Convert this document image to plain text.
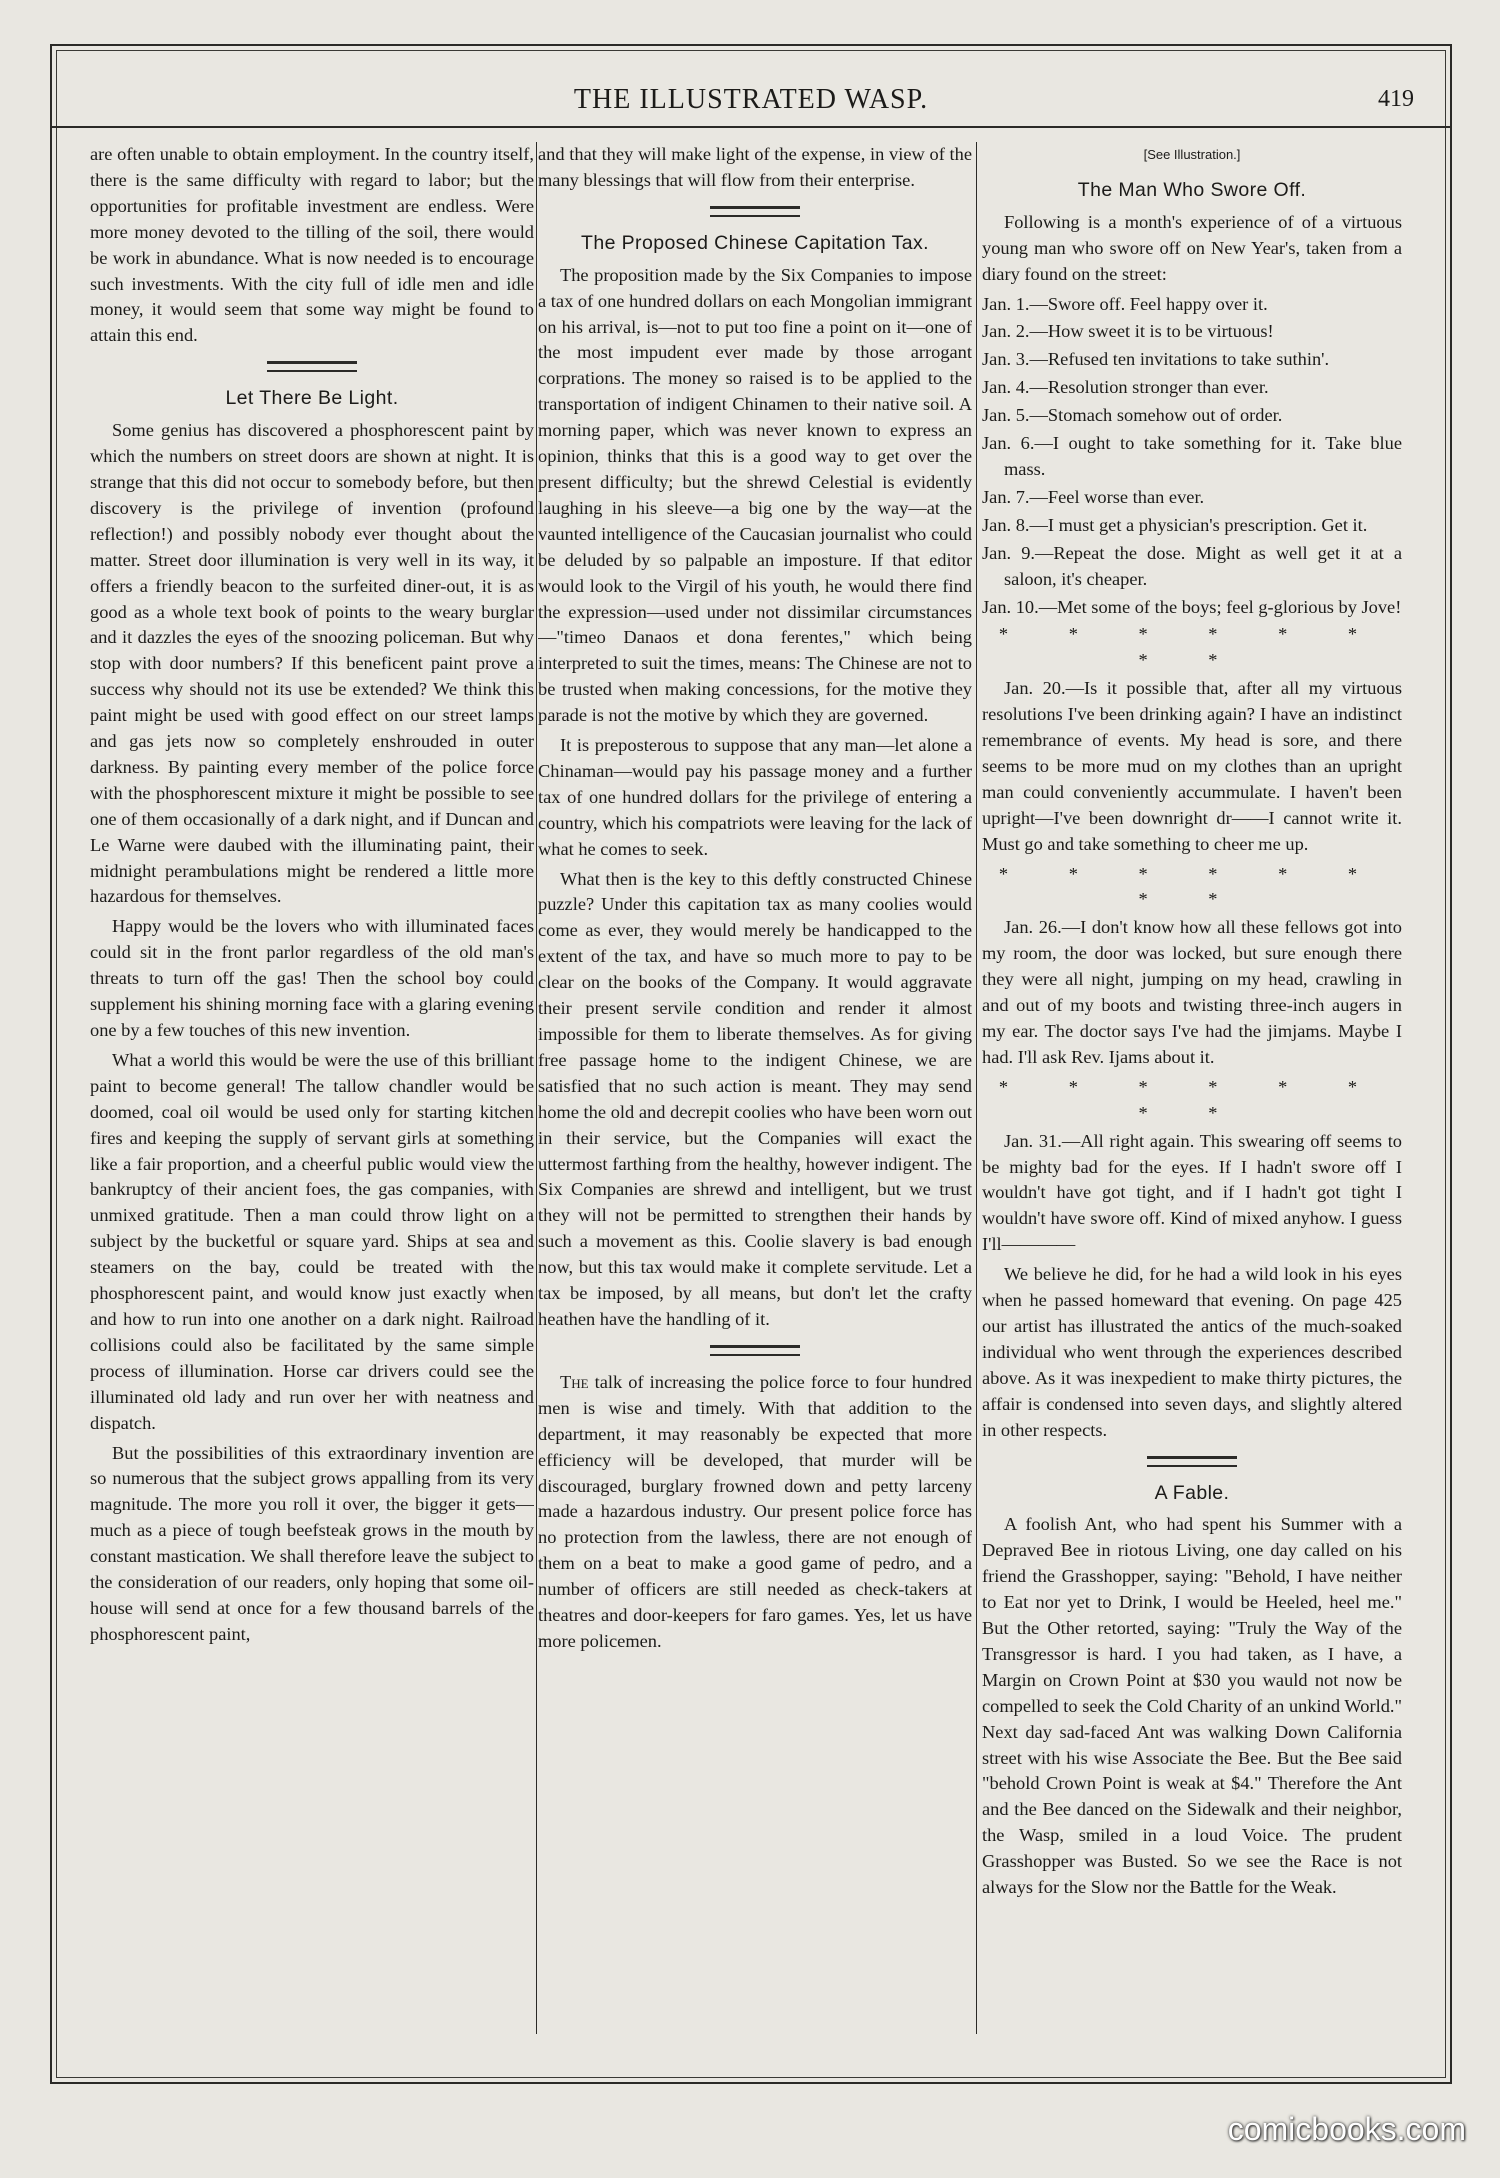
THE ILLUSTRATED WASP.	419

are often unable to obtain employment. In the country itself, there is the same difficulty with regard to labor; but the opportunities for profitable investment are endless. Were more money devoted to the tilling of the soil, there would be work in abundance. What is now needed is to encourage such investments. With the city full of idle men and idle money, it would seem that some way might be found to attain this end.

Let There Be Light.

Some genius has discovered a phosphorescent paint by which the numbers on street doors are shown at night. It is strange that this did not occur to somebody before, but then discovery is the privilege of invention (profound reflection!) and possibly nobody ever thought about the matter. Street door illumination is very well in its way, it offers a friendly beacon to the surfeited diner-out, it is as good as a whole text book of points to the weary burglar and it dazzles the eyes of the snoozing policeman. But why stop with door numbers? If this beneficent paint prove a success why should not its use be extended? We think this paint might be used with good effect on our street lamps and gas jets now so completely enshrouded in outer darkness. By painting every member of the police force with the phosphorescent mixture it might be possible to see one of them occasionally of a dark night, and if Duncan and Le Warne were daubed with the illuminating paint, their midnight perambulations might be rendered a little more hazardous for themselves.

Happy would be the lovers who with illuminated faces could sit in the front parlor regardless of the old man's threats to turn off the gas! Then the school boy could supplement his shining morning face with a glaring evening one by a few touches of this new invention.

What a world this would be were the use of this brilliant paint to become general! The tallow chandler would be doomed, coal oil would be used only for starting kitchen fires and keeping the supply of servant girls at something like a fair proportion, and a cheerful public would view the bankruptcy of their ancient foes, the gas companies, with unmixed gratitude. Then a man could throw light on a subject by the bucketful or square yard. Ships at sea and steamers on the bay, could be treated with the phosphorescent paint, and would know just exactly when and how to run into one another on a dark night. Railroad collisions could also be facilitated by the same simple process of illumination. Horse car drivers could see the illuminated old lady and run over her with neatness and dispatch.

But the possibilities of this extraordinary invention are so numerous that the subject grows appalling from its very magnitude. The more you roll it over, the bigger it gets—much as a piece of tough beefsteak grows in the mouth by constant mastication. We shall therefore leave the subject to the consideration of our readers, only hoping that some oil-house will send at once for a few thousand barrels of the phosphorescent paint,

and that they will make light of the expense, in view of the many blessings that will flow from their enterprise.

The Proposed Chinese Capitation Tax.

The proposition made by the Six Companies to impose a tax of one hundred dollars on each Mongolian immigrant on his arrival, is—not to put too fine a point on it—one of the most impudent ever made by those arrogant corprations. The money so raised is to be applied to the transportation of indigent Chinamen to their native soil. A morning paper, which was never known to express an opinion, thinks that this is a good way to get over the present difficulty; but the shrewd Celestial is evidently laughing in his sleeve—a big one by the way—at the vaunted intelligence of the Caucasian journalist who could be deluded by so palpable an imposture. If that editor would look to the Virgil of his youth, he would there find the expression—used under not dissimilar circumstances—"timeo Danaos et dona ferentes," which being interpreted to suit the times, means: The Chinese are not to be trusted when making concessions, for the motive they parade is not the motive by which they are governed.

It is preposterous to suppose that any man—let alone a Chinaman—would pay his passage money and a further tax of one hundred dollars for the privilege of entering a country, which his compatriots were leaving for the lack of what he comes to seek.

What then is the key to this deftly constructed Chinese puzzle? Under this capitation tax as many coolies would come as ever, they would merely be handicapped to the extent of the tax, and have so much more to pay to be clear on the books of the Company. It would aggravate their present servile condition and render it almost impossible for them to liberate themselves. As for giving free passage home to the indigent Chinese, we are satisfied that no such action is meant. They may send home the old and decrepit coolies who have been worn out in their service, but the Companies will exact the uttermost farthing from the healthy, however indigent. The Six Companies are shrewd and intelligent, but we trust they will not be permitted to strengthen their hands by such a movement as this. Coolie slavery is bad enough now, but this tax would make it complete servitude. Let a tax be imposed, by all means, but don't let the crafty heathen have the handling of it.

The talk of increasing the police force to four hundred men is wise and timely. With that addition to the department, it may reasonably be expected that more efficiency will be developed, that murder will be discouraged, burglary frowned down and petty larceny made a hazardous industry. Our present police force has no protection from the lawless, there are not enough of them on a beat to make a good game of pedro, and a number of officers are still needed as check-takers at theatres and door-keepers for faro games. Yes, let us have more policemen.

[See Illustration.]
The Man Who Swore Off.

Following is a month's experience of of a virtuous young man who swore off on New Year's, taken from a diary found on the street:

Jan. 1.—Swore off. Feel happy over it.

Jan. 2.—How sweet it is to be virtuous!

Jan. 3.—Refused ten invitations to take suthin'.

Jan. 4.—Resolution stronger than ever.

Jan. 5.—Stomach somehow out of order.

Jan. 6.—I ought to take something for it. Take blue mass.

Jan. 7.—Feel worse than ever.

Jan. 8.—I must get a physician's prescription. Get it.

Jan. 9.—Repeat the dose. Might as well get it at a saloon, it's cheaper.

Jan. 10.—Met some of the boys; feel g-glorious by Jove!

* * * * * * * *

Jan. 20.—Is it possible that, after all my virtuous resolutions I've been drinking again? I have an indistinct remembrance of events. My head is sore, and there seems to be more mud on my clothes than an upright man could conveniently accummulate. I haven't been upright—I've been downright dr——I cannot write it. Must go and take something to cheer me up.

* * * * * * * *

Jan. 26.—I don't know how all these fellows got into my room, the door was locked, but sure enough there they were all night, jumping on my head, crawling in and out of my boots and twisting three-inch augers in my ear. The doctor says I've had the jimjams. Maybe I had. I'll ask Rev. Ijams about it.

* * * * * * * *

Jan. 31.—All right again. This swearing off seems to be mighty bad for the eyes. If I hadn't swore off I wouldn't have got tight, and if I hadn't got tight I wouldn't have swore off. Kind of mixed anyhow. I guess I'll————

We believe he did, for he had a wild look in his eyes when he passed homeward that evening. On page 425 our artist has illustrated the antics of the much-soaked individual who went through the experiences described above. As it was inexpedient to make thirty pictures, the affair is condensed into seven days, and slightly altered in other respects.

A Fable.

A foolish Ant, who had spent his Summer with a Depraved Bee in riotous Living, one day called on his friend the Grasshopper, saying: "Behold, I have neither to Eat nor yet to Drink, I would be Heeled, heel me." But the Other retorted, saying: "Truly the Way of the Transgressor is hard. I you had taken, as I have, a Margin on Crown Point at $30 you wauld not now be compelled to seek the Cold Charity of an unkind World." Next day sad-faced Ant was walking Down California street with his wise Associate the Bee. But the Bee said "behold Crown Point is weak at $4." Therefore the Ant and the Bee danced on the Sidewalk and their neighbor, the Wasp, smiled in a loud Voice. The prudent Grasshopper was Busted. So we see the Race is not always for the Slow nor the Battle for the Weak.

comicbooks.com
